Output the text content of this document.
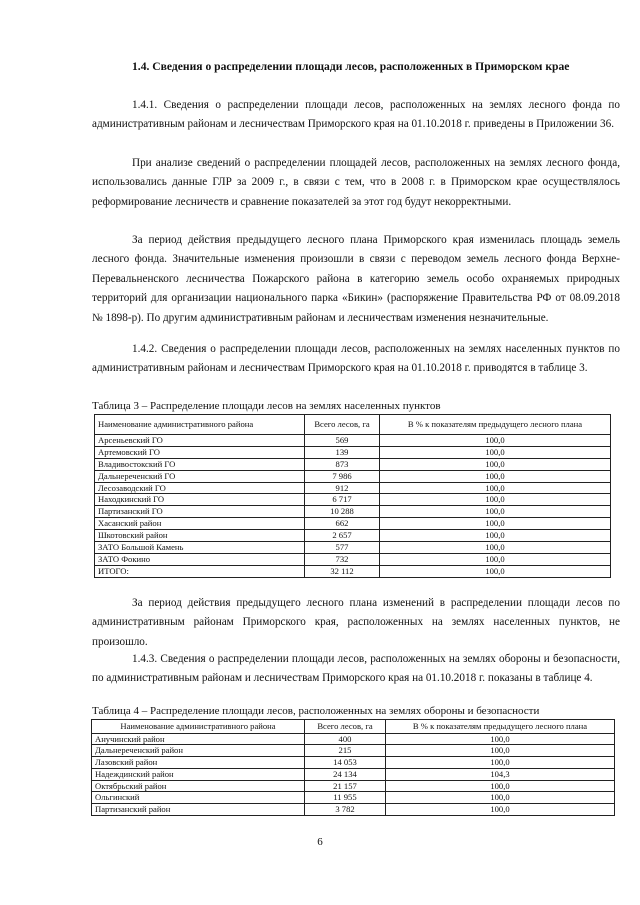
1.4. Сведения о распределении площади лесов, расположенных в Приморском крае
1.4.1. Сведения о распределении площади лесов, расположенных на землях лесного фонда по административным районам и лесничествам Приморского края на 01.10.2018 г. приведены в Приложении 36.
При анализе сведений о распределении площадей лесов, расположенных на землях лесного фонда, использовались данные ГЛР за 2009 г., в связи с тем, что в 2008 г. в Приморском крае осуществлялось реформирование лесничеств и сравнение показателей за этот год будут некорректными.
За период действия предыдущего лесного плана Приморского края изменилась площадь земель лесного фонда. Значительные изменения произошли в связи с переводом земель лесного фонда Верхне-Перевальненского лесничества Пожарского района в категорию земель особо охраняемых природных территорий для организации национального парка «Бикин» (распоряжение Правительства РФ от 08.09.2018 № 1898-р). По другим административным районам и лесничествам изменения незначительные.
1.4.2. Сведения о распределении площади лесов, расположенных на землях населенных пунктов по административным районам и лесничествам Приморского края на 01.10.2018 г. приводятся в таблице 3.
Таблица 3 – Распределение площади лесов на землях населенных пунктов
Наименование административного района	Всего лесов, га	В % к показателям предыдущего лесного плана
Арсеньевский ГО	569	100,0
Артемовский ГО	139	100,0
Владивостокский ГО	873	100,0
Дальнереченский ГО	7 986	100,0
Лесозаводский ГО	912	100,0
Находкинский ГО	6 717	100,0
Партизанский ГО	10 288	100,0
Хасанский район	662	100,0
Шкотовский район	2 657	100,0
ЗАТО Большой Камень	577	100,0
ЗАТО Фокино	732	100,0
ИТОГО:	32 112	100,0
За период действия предыдущего лесного плана изменений в распределении площади лесов по административным районам Приморского края, расположенных на землях населенных пунктов, не произошло.
1.4.3. Сведения о распределении площади лесов, расположенных на землях обороны и безопасности, по административным районам и лесничествам Приморского края на 01.10.2018 г. показаны в таблице 4.
Таблица 4 – Распределение площади лесов, расположенных на землях обороны и безопасности
Наименование административного района	Всего лесов, га	В % к показателям предыдущего лесного плана
Анучинский район	400	100,0
Дальнереченский район	215	100,0
Лазовский район	14 053	100,0
Надеждинский район	24 134	104,3
Октябрьский район	21 157	100,0
Ольгинский	11 955	100,0
Партизанский район	3 782	100,0
6
